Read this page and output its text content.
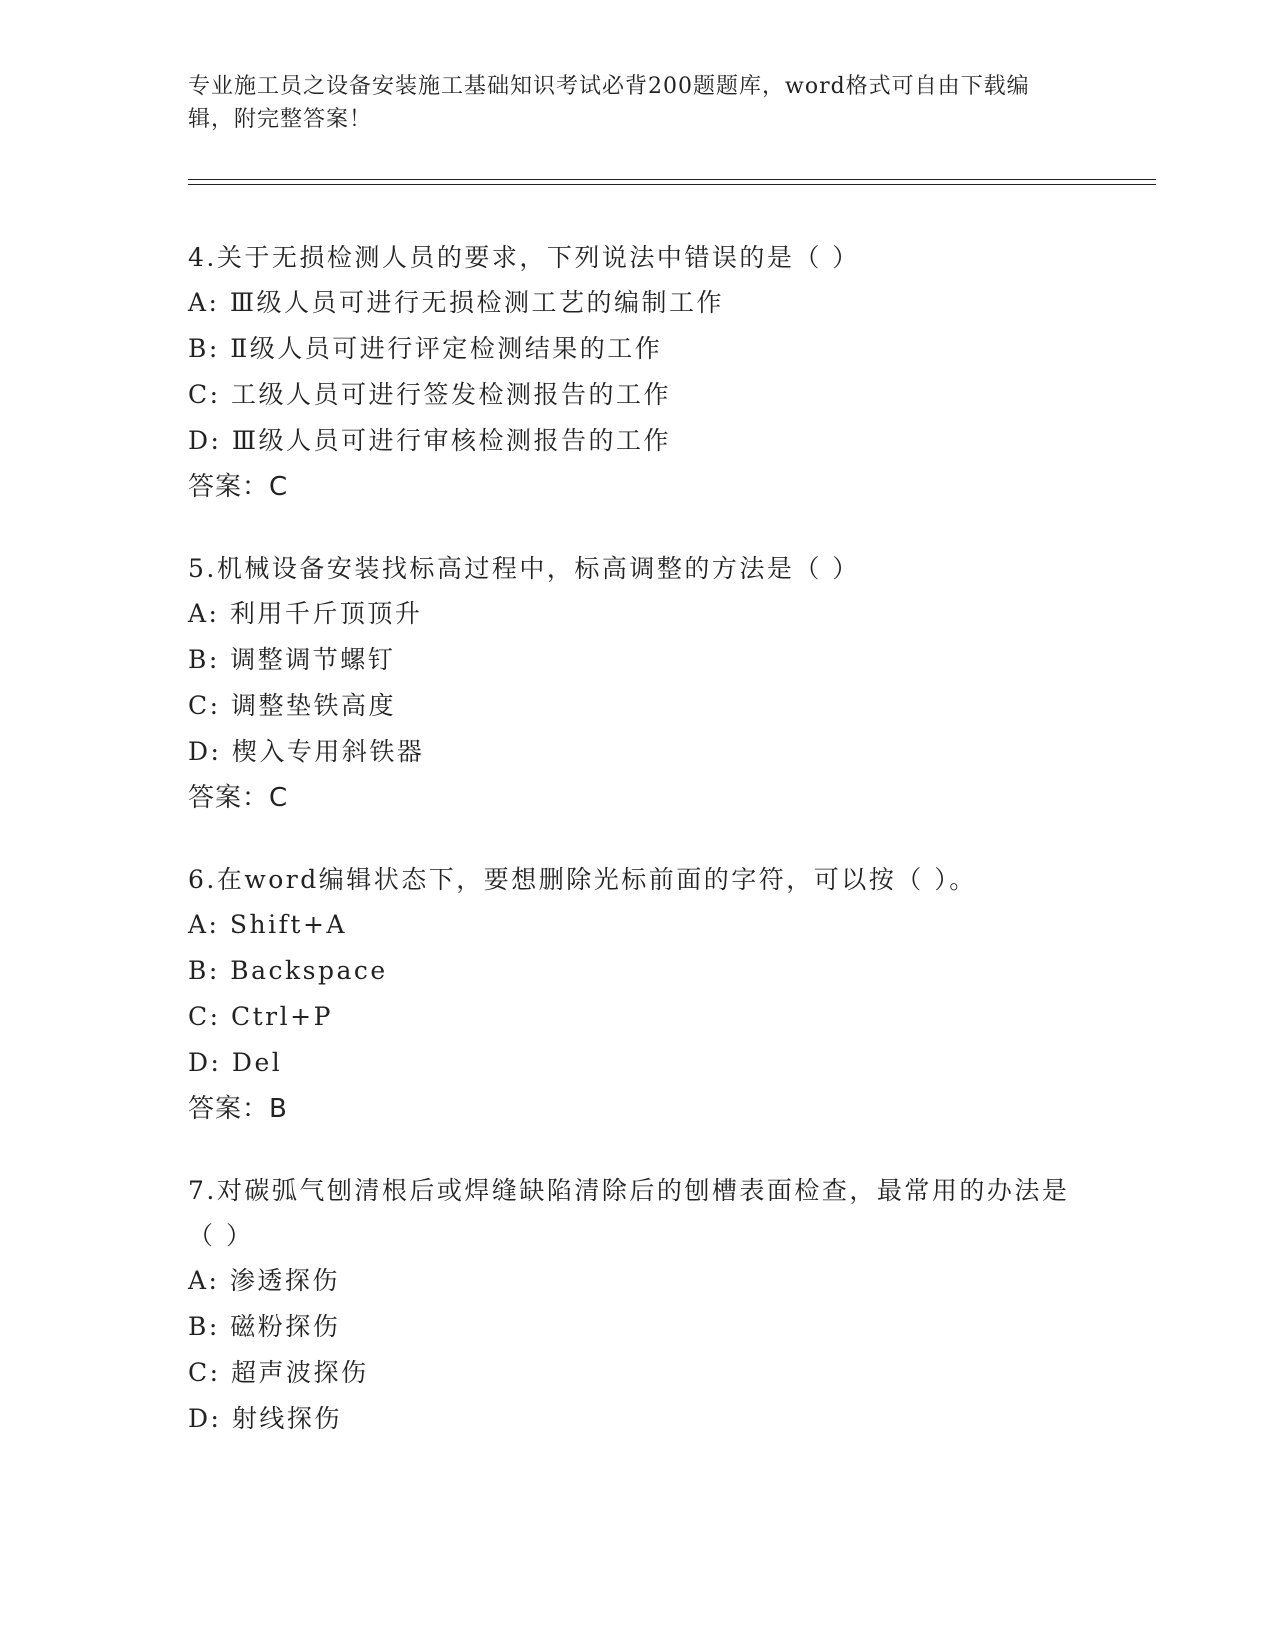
专业施工员之设备安装施工基础知识考试必背200题题库，word格式可自由下载编辑，附完整答案！
4.关于无损检测人员的要求，下列说法中错误的是（ ）
A: Ⅲ级人员可进行无损检测工艺的编制工作
B: Ⅱ级人员可进行评定检测结果的工作
C: 工级人员可进行签发检测报告的工作
D: Ⅲ级人员可进行审核检测报告的工作
答案：C
5.机械设备安装找标高过程中，标高调整的方法是（ ）
A: 利用千斤顶顶升
B: 调整调节螺钉
C: 调整垫铁高度
D: 楔入专用斜铁器
答案：C
6.在word编辑状态下，要想删除光标前面的字符，可以按（ ）。
A: Shift+A
B: Backspace
C: Ctrl+P
D: Del
答案：B
7.对碳弧气刨清根后或焊缝缺陷清除后的刨槽表面检查，最常用的办法是（ ）
A: 渗透探伤
B: 磁粉探伤
C: 超声波探伤
D: 射线探伤
